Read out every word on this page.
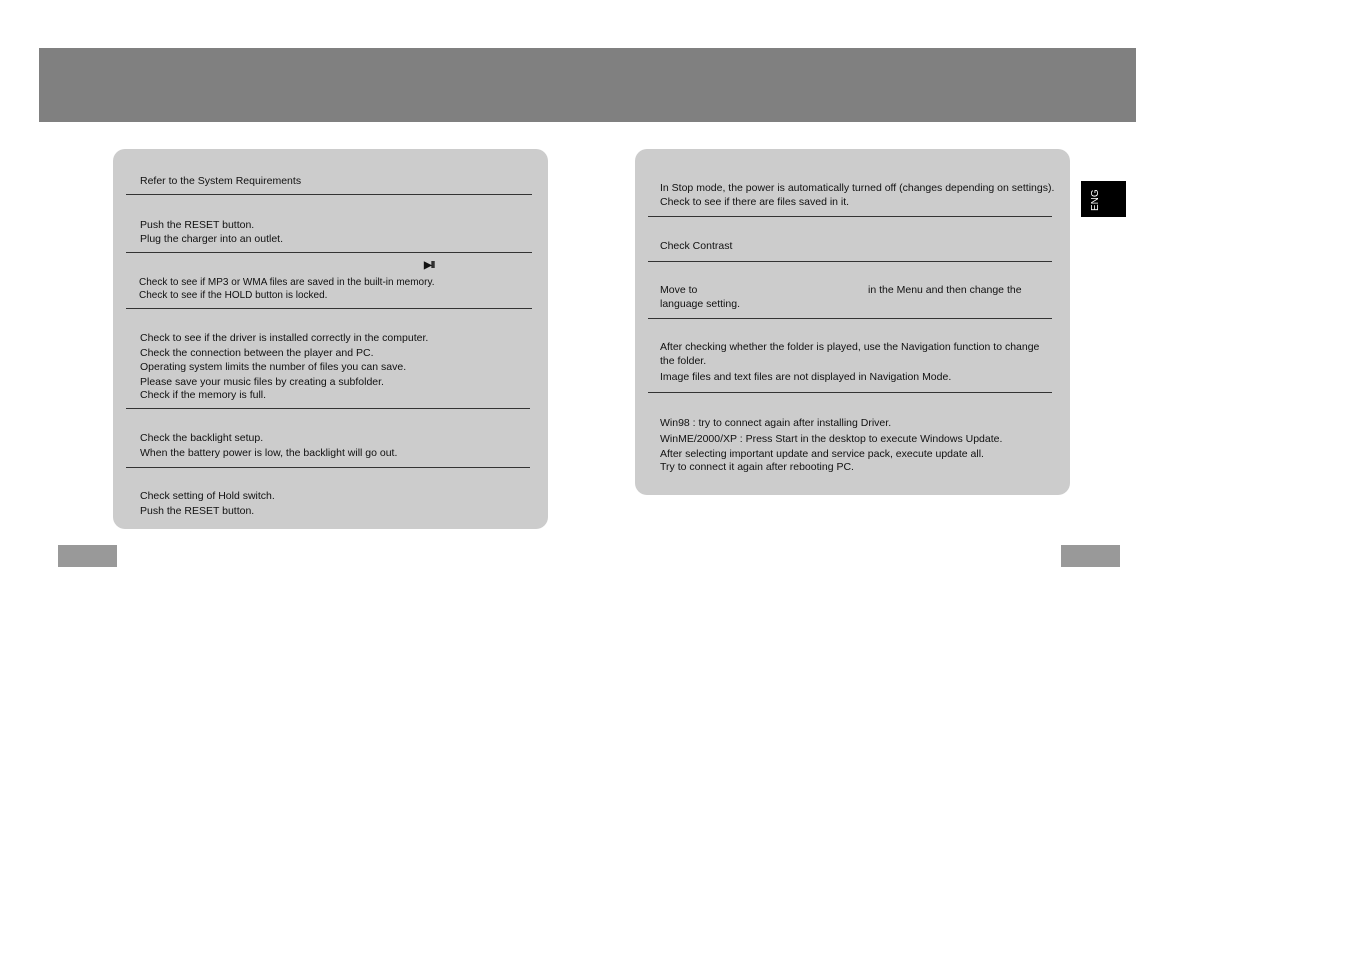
Refer to the System Requirements
Push the RESET button.
Plug the charger into an outlet.
▶II
Check to see if MP3 or WMA files are saved in the built-in memory.
Check to see if the HOLD button is locked.
Check to see if the driver is installed correctly in the computer.
Check the connection between the player and PC.
Operating system limits the number of files you can save.
Please save your music files by creating a subfolder.
Check if the memory is full.
Check the backlight setup.
When the battery power is low, the backlight will go out.
Check setting of Hold switch.
Push the RESET button.
In Stop mode, the power is automatically turned off (changes depending on settings).
Check to see if there are files saved in it.
Check Contrast
Move to	in the Menu and then change the
language setting.
After checking whether the folder is played, use the Navigation function to change
the folder.
Image files and text files are not displayed in Navigation Mode.
Win98 : try to connect again after installing Driver.
WinME/2000/XP : Press Start in the desktop to execute Windows Update.
After selecting important update and service pack, execute update all.
Try to connect it again after rebooting PC.
ENG
